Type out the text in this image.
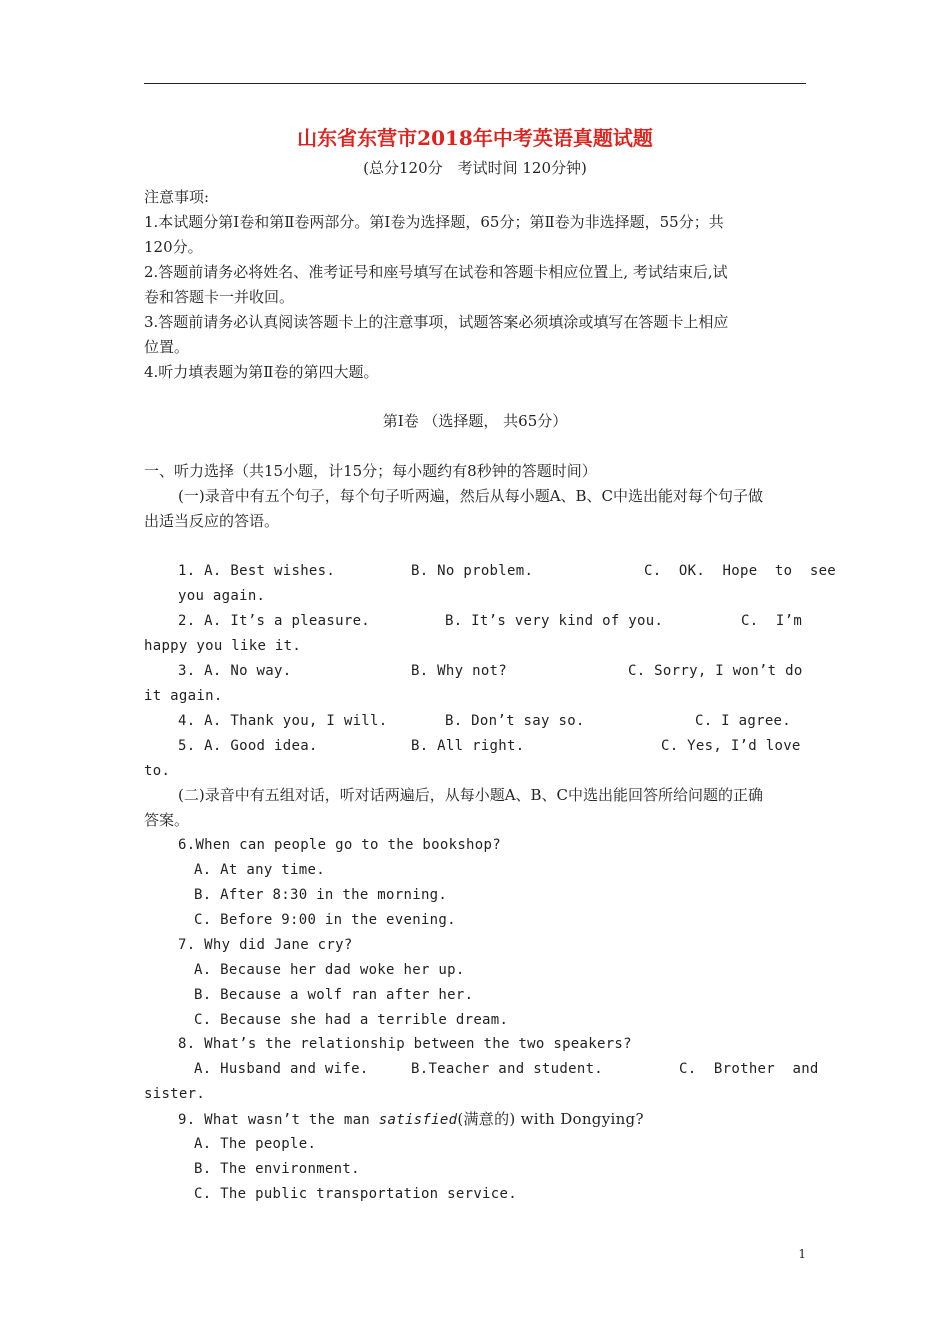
山东省东营市2018年中考英语真题试题
(总分120分　考试时间 120分钟)
注意事项:
1.本试题分第Ⅰ卷和第Ⅱ卷两部分。第Ⅰ卷为选择题，65分；第Ⅱ卷为非选择题，55分；共
120分。
2.答题前请务必将姓名、准考证号和座号填写在试卷和答题卡相应位置上, 考试结束后,试
卷和答题卡一并收回。
3.答题前请务必认真阅读答题卡上的注意事项，试题答案必须填涂或填写在答题卡上相应
位置。
4.听力填表题为第Ⅱ卷的第四大题。
第Ⅰ卷 （选择题， 共65分）
一、听力选择（共15小题，计15分；每小题约有8秒钟的答题时间）
(一)录音中有五个句子，每个句子听两遍，然后从每小题A、B、C中选出能对每个句子做
出适当反应的答语。
1. A. Best wishes.	B. No problem.	C.  OK.  Hope  to  see
you again.
2. A. It’s a pleasure.	B. It’s very kind of you.	C.  I’m
happy you like it.
3. A. No way.	B. Why not?	C. Sorry, I won’t do
it again.
4. A. Thank you, I will.	B. Don’t say so.	C. I agree.
5. A. Good idea.	B. All right.	C. Yes, I’d love
to.
(二)录音中有五组对话，听对话两遍后，从每小题A、B、C中选出能回答所给问题的正确
答案。
6.When can people go to the bookshop?
A. At any time.
B. After 8:30 in the morning.
C. Before 9:00 in the evening.
7. Why did Jane cry?
A. Because her dad woke her up.
B. Because a wolf ran after her.
C. Because she had a terrible dream.
8. What’s the relationship between the two speakers?
A. Husband and wife.	B.Teacher and student.	C.  Brother  and
sister.
9. What wasn’t the man satisfied(满意的) with Dongying?
A. The people.
B. The environment.
C. The public transportation service.
1
